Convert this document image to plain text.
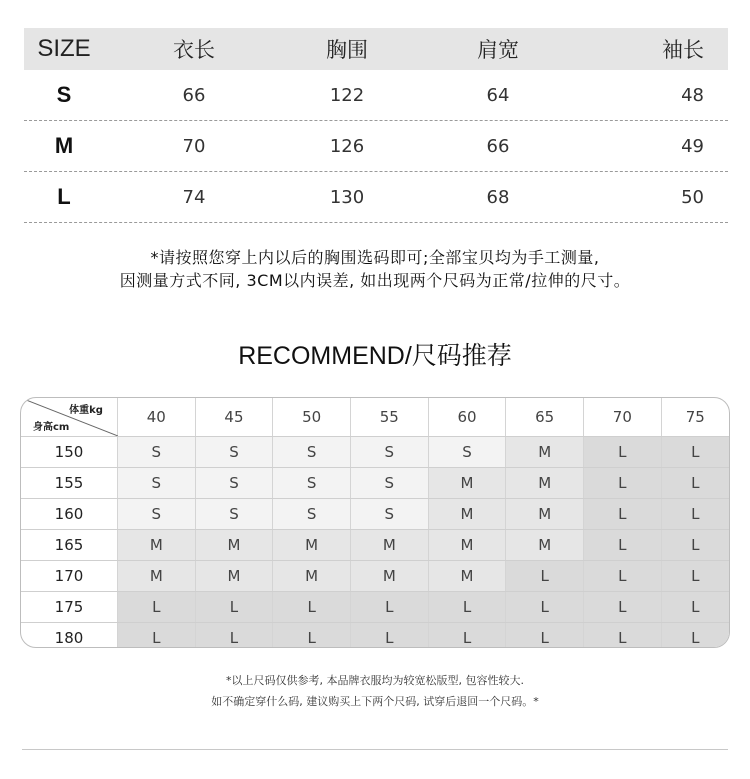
SIZE	衣长	胸围	肩宽	袖长
S	66	122	64	48
M	70	126	66	49
L	74	130	68	50
*请按照您穿上内以后的胸围选码即可;全部宝贝均为手工测量,
因测量方式不同, 3CM以内误差, 如出现两个尺码为正常/拉伸的尺寸。
RECOMMEND/尺码推荐
体重kg
身高cm
40	45	50	55	60	65	70	75
150	S	S	S	S	S	M	L	L
155	S	S	S	S	M	M	L	L
160	S	S	S	S	M	M	L	L
165	M	M	M	M	M	M	L	L
170	M	M	M	M	M	L	L	L
175	L	L	L	L	L	L	L	L
180	L	L	L	L	L	L	L	L
*以上尺码仅供参考, 本品牌衣服均为较宽松版型, 包容性较大.
如不确定穿什么码, 建议购买上下两个尺码, 试穿后退回一个尺码。*
